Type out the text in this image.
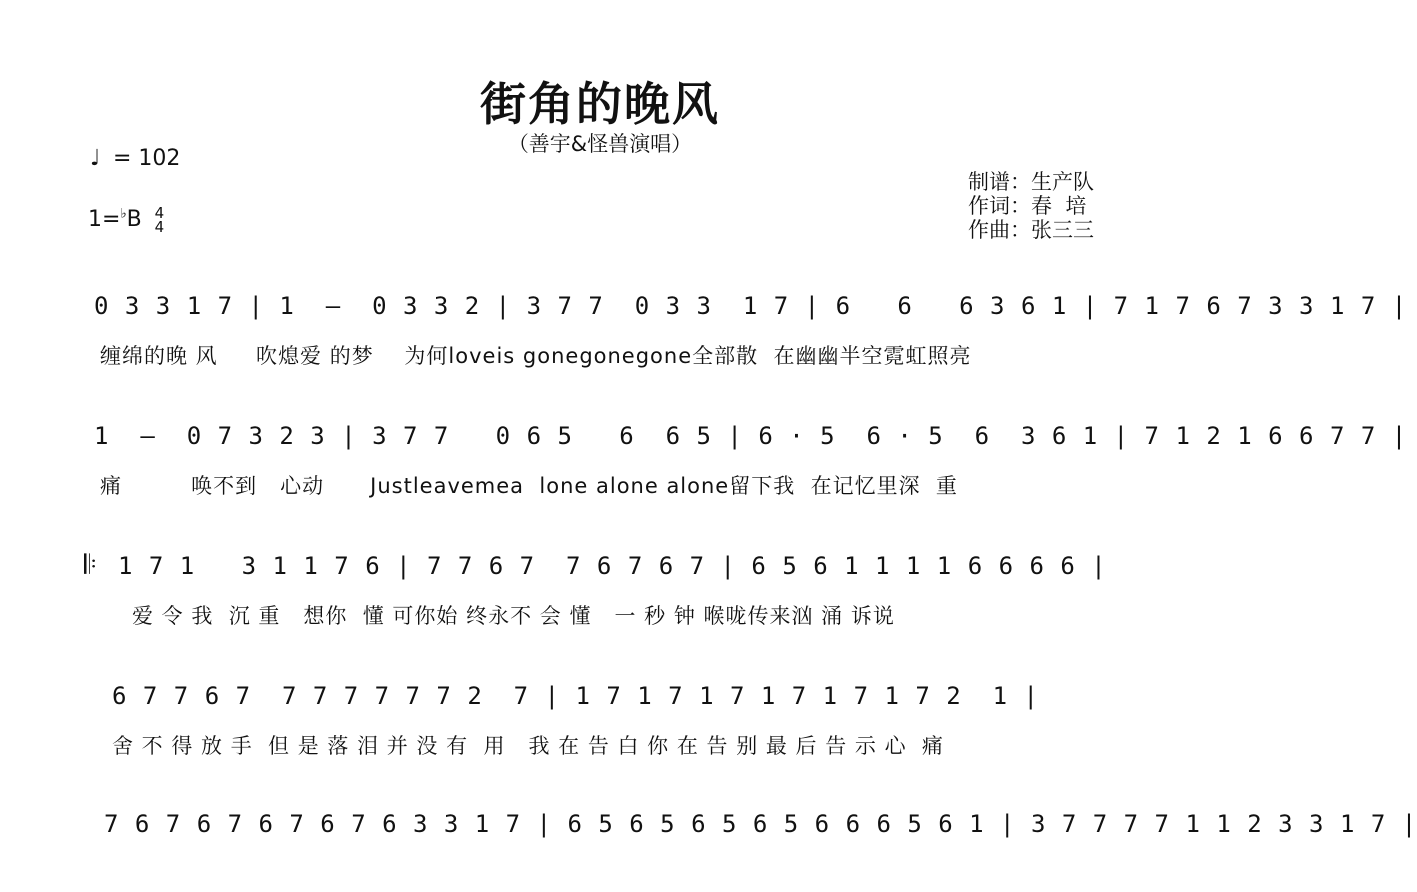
街角的晚风
（善宇&怪兽演唱）
♩ = 102
1=♭B 4
4
制谱：生产队
作词：春  培
作曲：张三三

0 3 3 1 7 | 1  –  0 3 3 2 | 3 7 7  0 3 3  1 7 | 6   6   6 3 6 1 | 7 1 7 6 7 3 3 1 7 |

缠绵的晚 风     吹熄爱 的梦    为何loveis gonegonegone全部散  在幽幽半空霓虹照亮

1  –  0 7 3 2 3 | 3 7 7   0 6 5   6  6 5 | 6 · 5  6 · 5  6  3 6 1 | 7 1 2 1 6 6 7 7 |

痛         唤不到   心动      Justleavemea  lone alone alone留下我  在记忆里深  重

𝄆

1 7 1   3 1 1 7 6 | 7 7 6 7  7 6 7 6 7 | 6 5 6 1 1 1 1 6 6 6 6 |

爱 令 我  沉 重   想你  懂 可你始 终永不 会 懂   一 秒 钟 喉咙传来汹 涌 诉说

6 7 7 6 7  7 7 7 7 7 7 2  7 | 1 7 1 7 1 7 1 7 1 7 1 7 2  1 |

舍 不 得 放 手  但 是 落 泪 并 没 有  用   我 在 告 白 你 在 告 别 最 后 告 示 心  痛

7 6 7 6 7 6 7 6 7 6 3 3 1 7 | 6 5 6 5 6 5 6 5 6 6 6 5 6 1 | 3 7 7 7 7 1 1 2 3 3 1 7 |
